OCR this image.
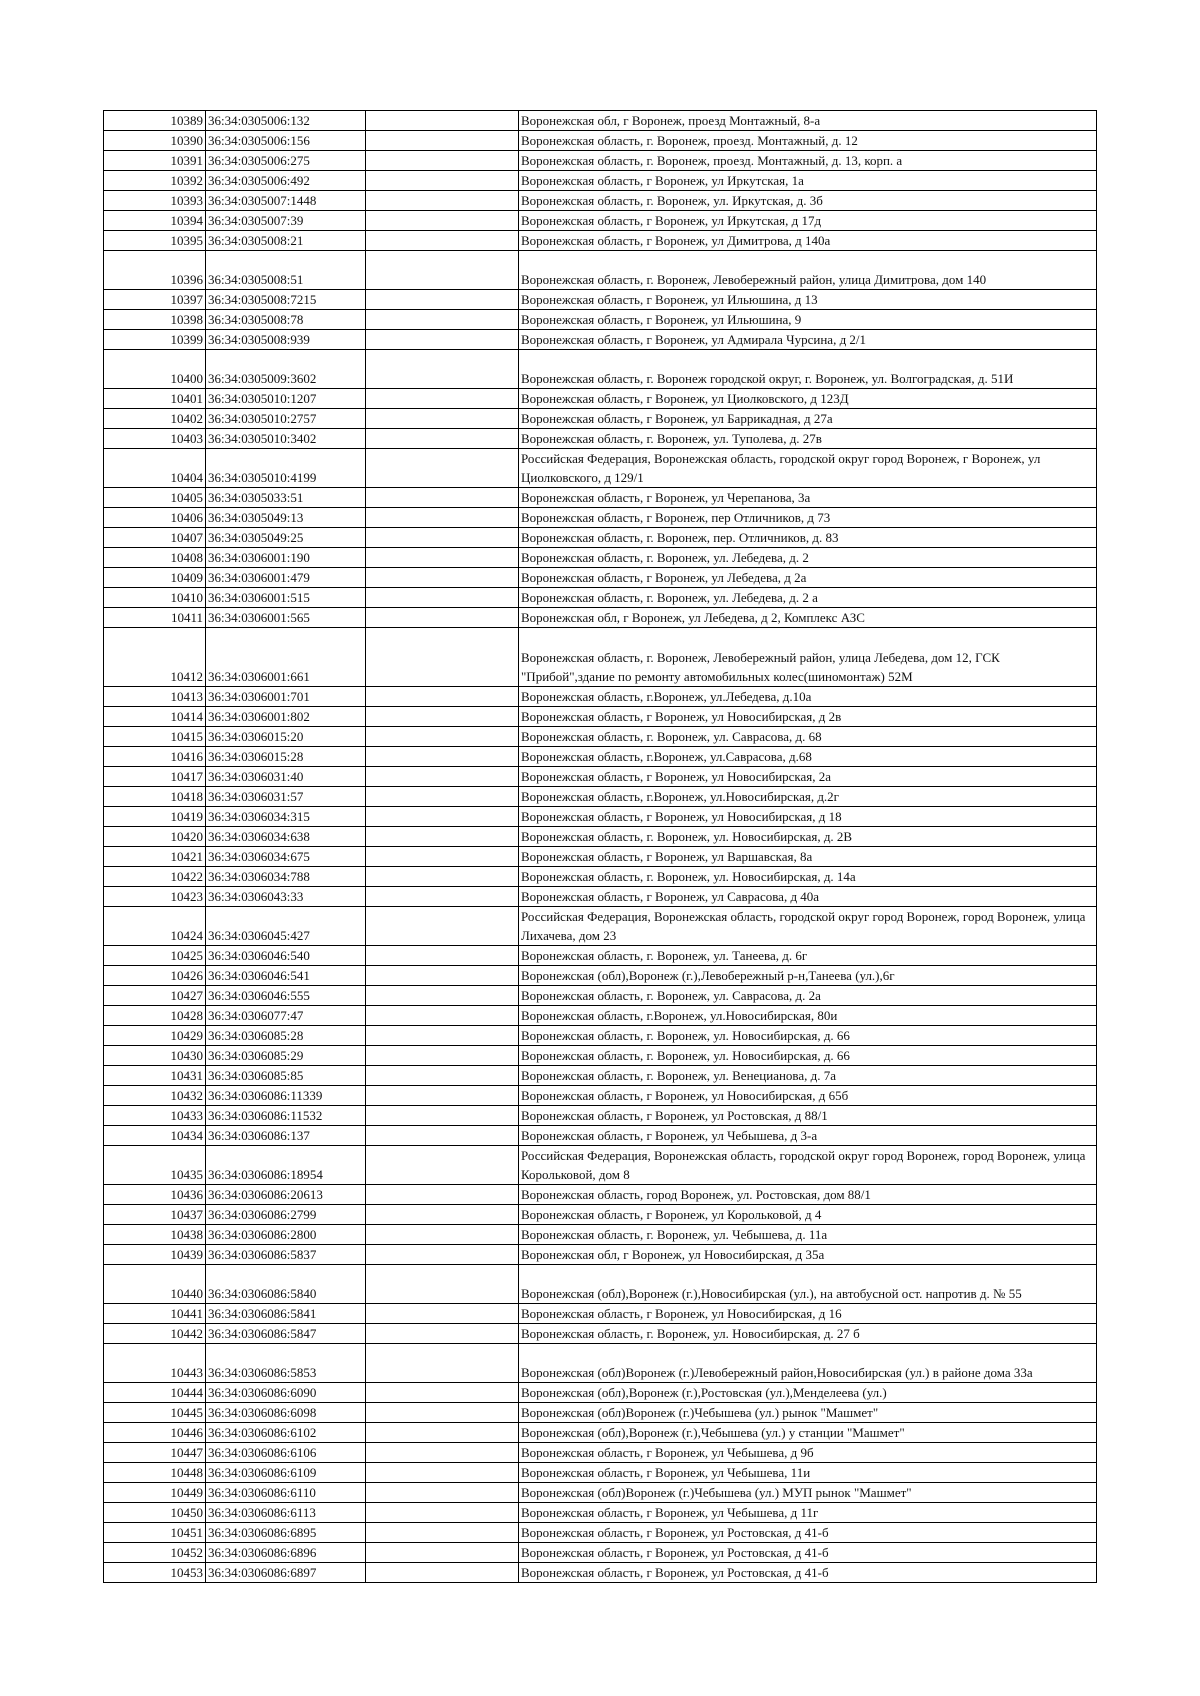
10389	36:34:0305006:132		Воронежская обл, г Воронеж, проезд Монтажный, 8-а
10390	36:34:0305006:156		Воронежская область, г. Воронеж, проезд. Монтажный, д. 12
10391	36:34:0305006:275		Воронежская область, г. Воронеж, проезд. Монтажный, д. 13, корп. а
10392	36:34:0305006:492		Воронежская область, г Воронеж, ул Иркутская, 1а
10393	36:34:0305007:1448		Воронежская область, г. Воронеж, ул. Иркутская, д. 3б
10394	36:34:0305007:39		Воронежская область, г Воронеж, ул Иркутская, д 17д
10395	36:34:0305008:21		Воронежская область, г Воронеж, ул Димитрова, д 140а
10396	36:34:0305008:51		Воронежская область, г. Воронеж, Левобережный район, улица Димитрова, дом 140
10397	36:34:0305008:7215		Воронежская область, г Воронеж, ул Ильюшина, д 13
10398	36:34:0305008:78		Воронежская область, г Воронеж, ул Ильюшина, 9
10399	36:34:0305008:939		Воронежская область, г Воронеж, ул Адмирала Чурсина, д 2/1
10400	36:34:0305009:3602		Воронежская область, г. Воронеж городской округ, г. Воронеж, ул. Волгоградская, д. 51И
10401	36:34:0305010:1207		Воронежская область, г Воронеж, ул Циолковского, д 123Д
10402	36:34:0305010:2757		Воронежская область, г Воронеж, ул Баррикадная, д 27а
10403	36:34:0305010:3402		Воронежская область, г. Воронеж, ул. Туполева, д. 27в
10404	36:34:0305010:4199		Российская Федерация, Воронежская область, городской округ город Воронеж, г Воронеж, ул Циолковского, д 129/1
10405	36:34:0305033:51		Воронежская область, г Воронеж, ул Черепанова, 3а
10406	36:34:0305049:13		Воронежская область, г Воронеж, пер Отличников, д 73
10407	36:34:0305049:25		Воронежская область, г. Воронеж, пер. Отличников, д. 83
10408	36:34:0306001:190		Воронежская область, г. Воронеж, ул. Лебедева, д. 2
10409	36:34:0306001:479		Воронежская область, г Воронеж, ул Лебедева, д 2а
10410	36:34:0306001:515		Воронежская область, г. Воронеж, ул. Лебедева, д. 2 а
10411	36:34:0306001:565		Воронежская обл, г Воронеж, ул Лебедева, д 2, Комплекс АЗС
10412	36:34:0306001:661		Воронежская область, г. Воронеж, Левобережный район, улица Лебедева, дом 12, ГСК "Прибой",здание по ремонту автомобильных колес(шиномонтаж) 52М
10413	36:34:0306001:701		Воронежская область, г.Воронеж, ул.Лебедева, д.10а
10414	36:34:0306001:802		Воронежская область, г Воронеж, ул Новосибирская, д 2в
10415	36:34:0306015:20		Воронежская область, г. Воронеж, ул. Саврасова, д. 68
10416	36:34:0306015:28		Воронежская область, г.Воронеж, ул.Саврасова, д.68
10417	36:34:0306031:40		Воронежская область, г Воронеж, ул Новосибирская, 2а
10418	36:34:0306031:57		Воронежская область, г.Воронеж, ул.Новосибирская, д.2г
10419	36:34:0306034:315		Воронежская область, г Воронеж, ул Новосибирская, д 18
10420	36:34:0306034:638		Воронежская область, г. Воронеж, ул. Новосибирская, д. 2В
10421	36:34:0306034:675		Воронежская область, г Воронеж, ул Варшавская, 8а
10422	36:34:0306034:788		Воронежская область, г. Воронеж, ул. Новосибирская, д. 14а
10423	36:34:0306043:33		Воронежская область, г Воронеж, ул Саврасова, д 40а
10424	36:34:0306045:427		Российская Федерация, Воронежская область, городской округ город Воронеж, город Воронеж, улица Лихачева, дом 23
10425	36:34:0306046:540		Воронежская область, г. Воронеж, ул. Танеева, д. 6г
10426	36:34:0306046:541		Воронежская (обл),Воронеж (г.),Левобережный р-н,Танеева (ул.),6г
10427	36:34:0306046:555		Воронежская область, г. Воронеж, ул. Саврасова, д. 2а
10428	36:34:0306077:47		Воронежская область, г.Воронеж, ул.Новосибирская, 80и
10429	36:34:0306085:28		Воронежская область, г. Воронеж, ул. Новосибирская, д. 66
10430	36:34:0306085:29		Воронежская область, г. Воронеж, ул. Новосибирская, д. 66
10431	36:34:0306085:85		Воронежская область, г. Воронеж, ул. Венецианова, д. 7а
10432	36:34:0306086:11339		Воронежская область, г Воронеж, ул Новосибирская, д 65б
10433	36:34:0306086:11532		Воронежская область, г Воронеж, ул Ростовская, д 88/1
10434	36:34:0306086:137		Воронежская область, г Воронеж, ул Чебышева, д 3-а
10435	36:34:0306086:18954		Российская Федерация, Воронежская область, городской округ город Воронеж, город Воронеж, улица Корольковой, дом 8
10436	36:34:0306086:20613		Воронежская область, город Воронеж, ул. Ростовская, дом 88/1
10437	36:34:0306086:2799		Воронежская область, г Воронеж, ул Корольковой, д 4
10438	36:34:0306086:2800		Воронежская область, г. Воронеж, ул. Чебышева, д. 11а
10439	36:34:0306086:5837		Воронежская обл, г Воронеж, ул Новосибирская, д 35а
10440	36:34:0306086:5840		Воронежская (обл),Воронеж (г.),Новосибирская (ул.), на автобусной ост. напротив д. № 55
10441	36:34:0306086:5841		Воронежская область, г Воронеж, ул Новосибирская, д 16
10442	36:34:0306086:5847		Воронежская область, г. Воронеж, ул. Новосибирская, д. 27 б
10443	36:34:0306086:5853		Воронежская (обл)Воронеж (г.)Левобережный район,Новосибирская (ул.) в районе дома 33а
10444	36:34:0306086:6090		Воронежская (обл),Воронеж (г.),Ростовская (ул.),Менделеева (ул.)
10445	36:34:0306086:6098		Воронежская (обл)Воронеж (г.)Чебышева (ул.) рынок "Машмет"
10446	36:34:0306086:6102		Воронежская (обл),Воронеж (г.),Чебышева (ул.) у станции "Машмет"
10447	36:34:0306086:6106		Воронежская область, г Воронеж, ул Чебышева, д 9б
10448	36:34:0306086:6109		Воронежская область, г Воронеж, ул Чебышева, 11и
10449	36:34:0306086:6110		Воронежская (обл)Воронеж (г.)Чебышева (ул.) МУП рынок "Машмет"
10450	36:34:0306086:6113		Воронежская область, г Воронеж, ул Чебышева, д 11г
10451	36:34:0306086:6895		Воронежская область, г Воронеж, ул Ростовская, д 41-б
10452	36:34:0306086:6896		Воронежская область, г Воронеж, ул Ростовская, д 41-б
10453	36:34:0306086:6897		Воронежская область, г Воронеж, ул Ростовская, д 41-б
